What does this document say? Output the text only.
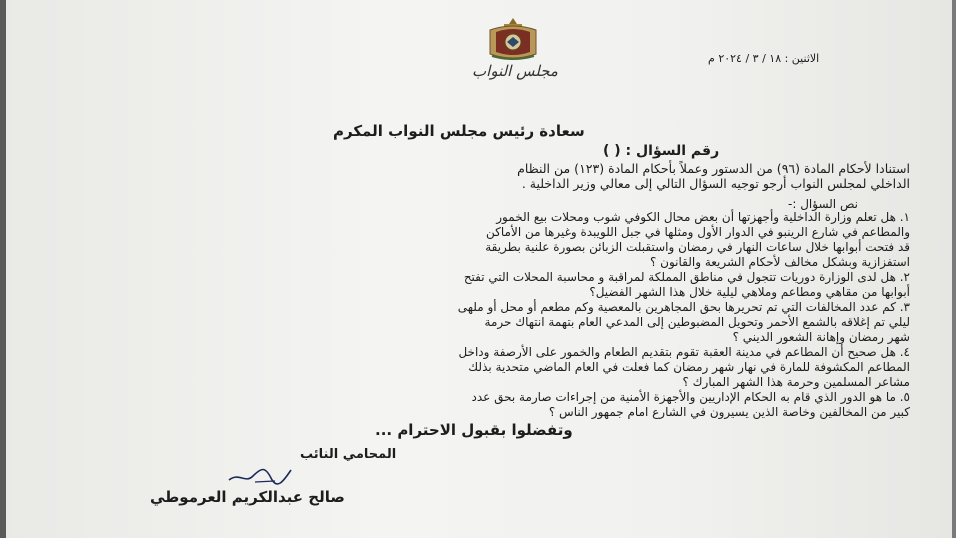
مجلس النواب
الاثنين : ١٨ / ٣ / ٢٠٢٤ م
سعادة رئيس مجلس النواب المكرم
رقم السؤال : ( )
استنادا لأحكام المادة (٩٦) من الدستور وعملاً بأحكام المادة (١٢٣) من النظام
الداخلي لمجلس النواب أرجو توجيه السؤال التالي إلى معالي وزير الداخلية .
نص السؤال :-
١. هل تعلم وزارة الداخلية وأجهزتها أن بعض محال الكوفي شوب ومحلات بيع الخمور
والمطاعم في شارع الرينبو في الدوار الأول ومثلها في جبل اللويبدة وغيرها من الأماكن
قد فتحت أبوابها خلال ساعات النهار في رمضان واستقبلت الزبائن بصورة علنية بطريقة
استفزازية وبشكل مخالف لأحكام الشريعة والقانون ؟
٢. هل لدى الوزارة دوريات تتجول في مناطق المملكة لمراقبة و محاسبة المحلات التي تفتح
أبوابها من مقاهي ومطاعم وملاهي ليلية خلال هذا الشهر الفضيل؟
٣. كم عدد المخالفات التي تم تحريرها بحق المجاهرين بالمعصية وكم مطعم أو محل أو ملهى
ليلي تم إغلاقه بالشمع الأحمر وتحويل المضبوطين إلى المدعي العام بتهمة انتهاك حرمة
شهر رمضان وإهانة الشعور الديني ؟
٤. هل صحيح أن المطاعم في مدينة العقبة تقوم بتقديم الطعام والخمور على الأرصفة وداخل
المطاعم المكشوفة للمارة في نهار شهر رمضان كما فعلت في العام الماضي متحدية بذلك
مشاعر المسلمين وحرمة هذا الشهر المبارك ؟
وتفضلوا بقبول الاحترام ...
المحامي النائب
صالح عبدالكريم العرموطي
٥. ما هو الدور الذي قام به الحكام الإداريين والأجهزة الأمنية من إجراءات صارمة بحق عدد
كبير من المخالفين وخاصة الذين يسيرون في الشارع امام جمهور الناس ؟
